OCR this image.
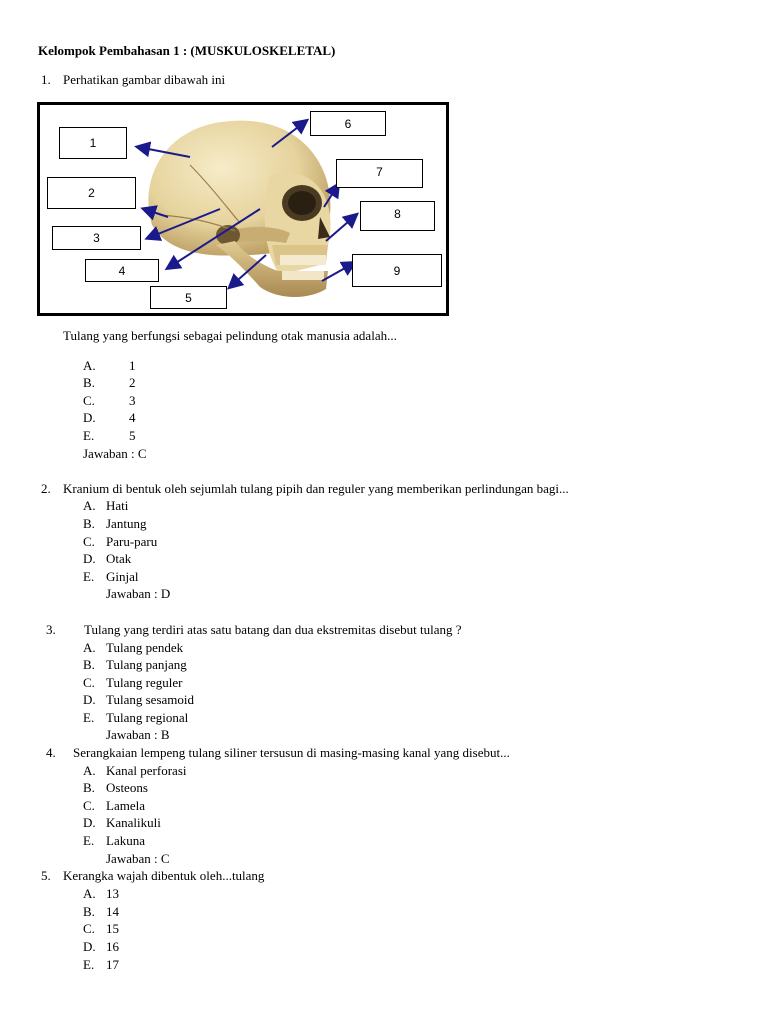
Kelompok Pembahasan 1 : (MUSKULOSKELETAL)
1. Perhatikan gambar dibawah ini
1
2
3
4
5
6
7
8
9
Tulang yang berfungsi sebagai pelindung otak manusia adalah...
A.	1
B.	2
C.	3
D.	4
E.	5
Jawaban : C
2. Kranium di bentuk oleh sejumlah tulang pipih dan reguler yang memberikan perlindungan bagi...
A. Hati
B. Jantung
C. Paru-paru
D. Otak
E. Ginjal
Jawaban : D
3. Tulang yang terdiri atas satu batang dan dua ekstremitas disebut tulang ?
A. Tulang pendek
B. Tulang panjang
C. Tulang reguler
D. Tulang sesamoid
E. Tulang regional
Jawaban : B
4. Serangkaian lempeng tulang siliner tersusun di masing-masing kanal yang disebut...
A. Kanal perforasi
B. Osteons
C. Lamela
D. Kanalikuli
E. Lakuna
Jawaban : C
5. Kerangka wajah dibentuk oleh...tulang
A. 13
B. 14
C. 15
D. 16
E. 17
